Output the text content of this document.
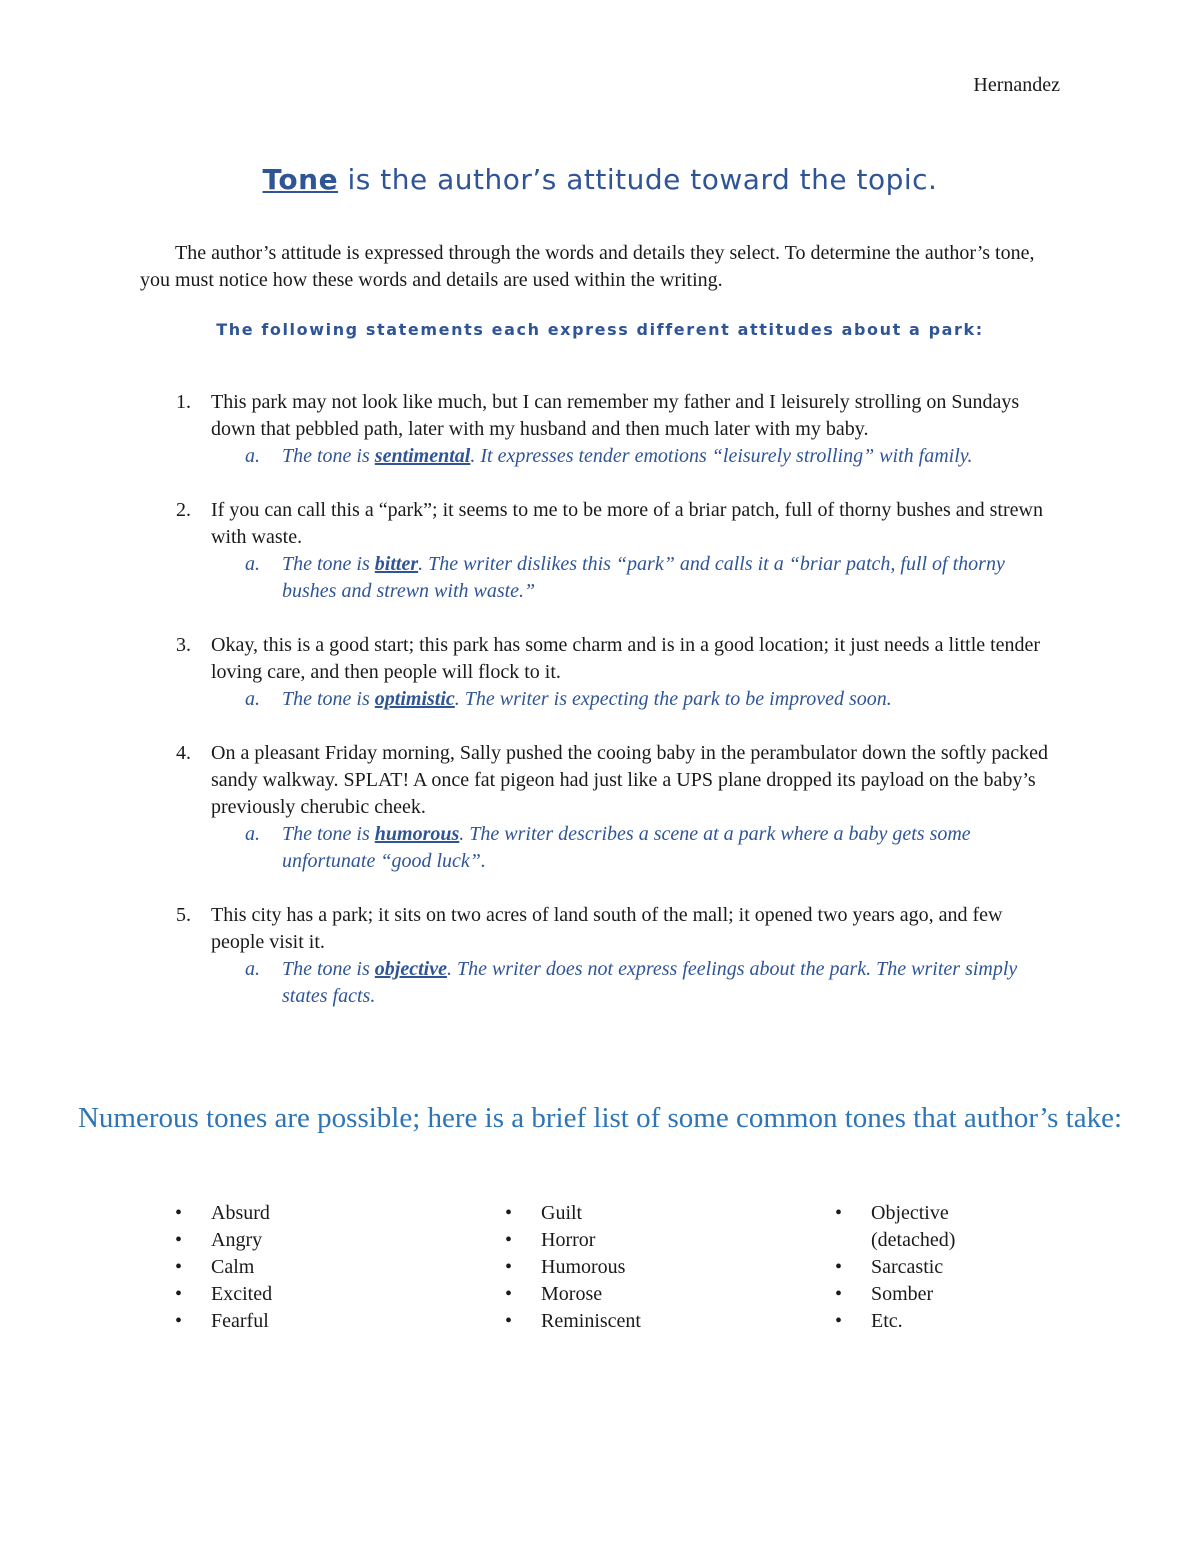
Hernandez
Tone is the author’s attitude toward the topic.
The author’s attitude is expressed through the words and details they select. To determine the author’s tone, you must notice how these words and details are used within the writing.
The following statements each express different attitudes about a park:
1. This park may not look like much, but I can remember my father and I leisurely strolling on Sundays down that pebbled path, later with my husband and then much later with my baby.
a. The tone is sentimental. It expresses tender emotions “leisurely strolling” with family.
2. If you can call this a “park”; it seems to me to be more of a briar patch, full of thorny bushes and strewn with waste.
a. The tone is bitter. The writer dislikes this “park” and calls it a “briar patch, full of thorny bushes and strewn with waste.”
3. Okay, this is a good start; this park has some charm and is in a good location; it just needs a little tender loving care, and then people will flock to it.
a. The tone is optimistic. The writer is expecting the park to be improved soon.
4. On a pleasant Friday morning, Sally pushed the cooing baby in the perambulator down the softly packed sandy walkway. SPLAT! A once fat pigeon had just like a UPS plane dropped its payload on the baby’s previously cherubic cheek.
a. The tone is humorous. The writer describes a scene at a park where a baby gets some unfortunate “good luck”.
5. This city has a park; it sits on two acres of land south of the mall; it opened two years ago, and few people visit it.
a. The tone is objective. The writer does not express feelings about the park. The writer simply states facts.
Numerous tones are possible; here is a brief list of some common tones that author’s take:
•	Absurd
•	Angry
•	Calm
•	Excited
•	Fearful
•	Guilt
•	Horror
•	Humorous
•	Morose
•	Reminiscent
•	Objective (detached)
•	Sarcastic
•	Somber
•	Etc.
